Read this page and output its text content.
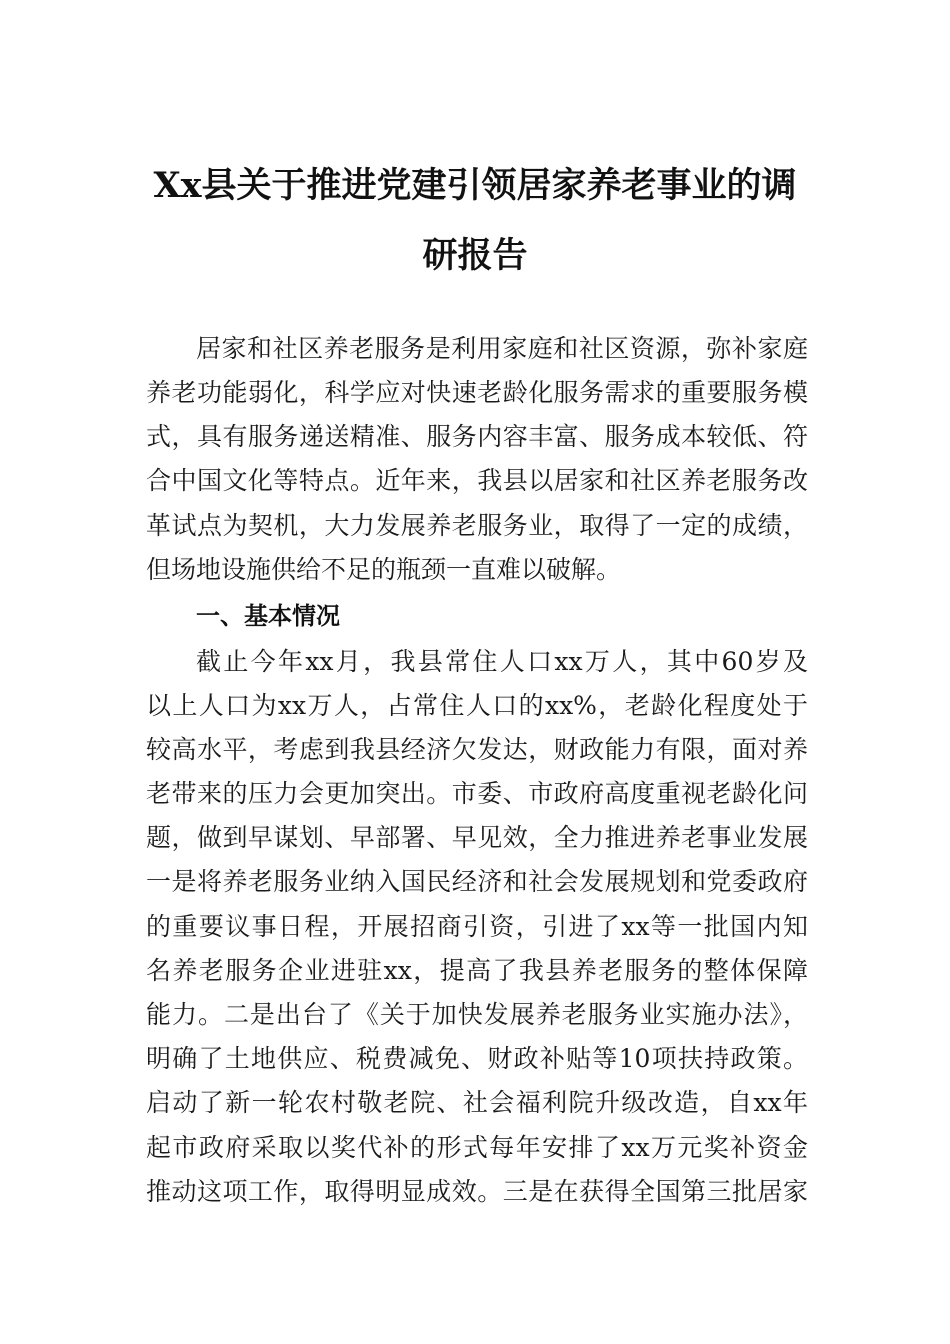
Xx县关于推进党建引领居家养老事业的调
研报告

居家和社区养老服务是利用家庭和社区资源，弥补家庭

养老功能弱化，科学应对快速老龄化服务需求的重要服务模

式，具有服务递送精准、服务内容丰富、服务成本较低、符

合中国文化等特点。近年来，我县以居家和社区养老服务改

革试点为契机，大力发展养老服务业，取得了一定的成绩，

但场地设施供给不足的瓶颈一直难以破解。

一、基本情况

截止今年xx月，我县常住人口xx万人，其中60岁及

以上人口为xx万人，占常住人口的xx%，老龄化程度处于

较高水平，考虑到我县经济欠发达，财政能力有限，面对养

老带来的压力会更加突出。市委、市政府高度重视老龄化问

题，做到早谋划、早部署、早见效，全力推进养老事业发展

一是将养老服务业纳入国民经济和社会发展规划和党委政府

的重要议事日程，开展招商引资，引进了xx等一批国内知

名养老服务企业进驻xx，提高了我县养老服务的整体保障

能力。二是出台了《关于加快发展养老服务业实施办法》，

明确了土地供应、税费减免、财政补贴等10项扶持政策。

启动了新一轮农村敬老院、社会福利院升级改造，自xx年

起市政府采取以奖代补的形式每年安排了xx万元奖补资金

推动这项工作，取得明显成效。三是在获得全国第三批居家
